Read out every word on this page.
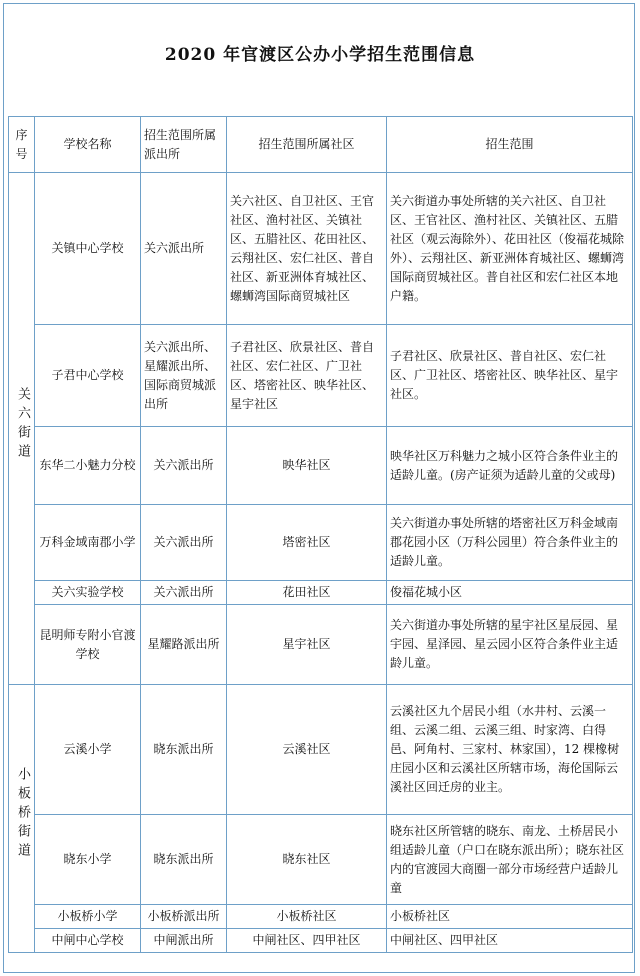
2020 年官渡区公办小学招生范围信息
序号	学校名称	招生范围所属派出所	招生范围所属社区	招生范围
关六街道	关镇中心学校	关六派出所	关六社区、自卫社区、王官社区、渔村社区、关镇社区、五腊社区、花田社区、云翔社区、宏仁社区、普自社区、新亚洲体育城社区、螺蛳湾国际商贸城社区	关六街道办事处所辖的关六社区、自卫社区、王官社区、渔村社区、关镇社区、五腊社区（观云海除外）、花田社区（俊福花城除外）、云翔社区、新亚洲体育城社区、螺蛳湾国际商贸城社区。普自社区和宏仁社区本地户籍。
	子君中心学校	关六派出所、星耀派出所、国际商贸城派出所	子君社区、欣景社区、普自社区、宏仁社区、广卫社区、塔密社区、映华社区、星宇社区	子君社区、欣景社区、普自社区、宏仁社区、广卫社区、塔密社区、映华社区、星宇社区。
	东华二小魅力分校	关六派出所	映华社区	映华社区万科魅力之城小区符合条件业主的适龄儿童。(房产证须为适龄儿童的父或母)
	万科金域南郡小学	关六派出所	塔密社区	关六街道办事处所辖的塔密社区万科金域南郡花园小区（万科公园里）符合条件业主的适龄儿童。
	关六实验学校	关六派出所	花田社区	俊福花城小区
	昆明师专附小官渡学校	星耀路派出所	星宇社区	关六街道办事处所辖的星宇社区星辰园、星宇园、星泽园、星云园小区符合条件业主适龄儿童。
小板桥街道	云溪小学	晓东派出所	云溪社区	云溪社区九个居民小组（水井村、云溪一组、云溪二组、云溪三组、时家湾、白得邑、阿角村、三家村、林家国），12 棵橡树庄园小区和云溪社区所辖市场，海伦国际云溪社区回迁房的业主。
	晓东小学	晓东派出所	晓东社区	晓东社区所管辖的晓东、南龙、土桥居民小组适龄儿童（户口在晓东派出所）；晓东社区内的官渡园大商圈一部分市场经营户适龄儿童
	小板桥小学	小板桥派出所	小板桥社区	小板桥社区
	中闸中心学校	中闸派出所	中闸社区、四甲社区	中闸社区、四甲社区
